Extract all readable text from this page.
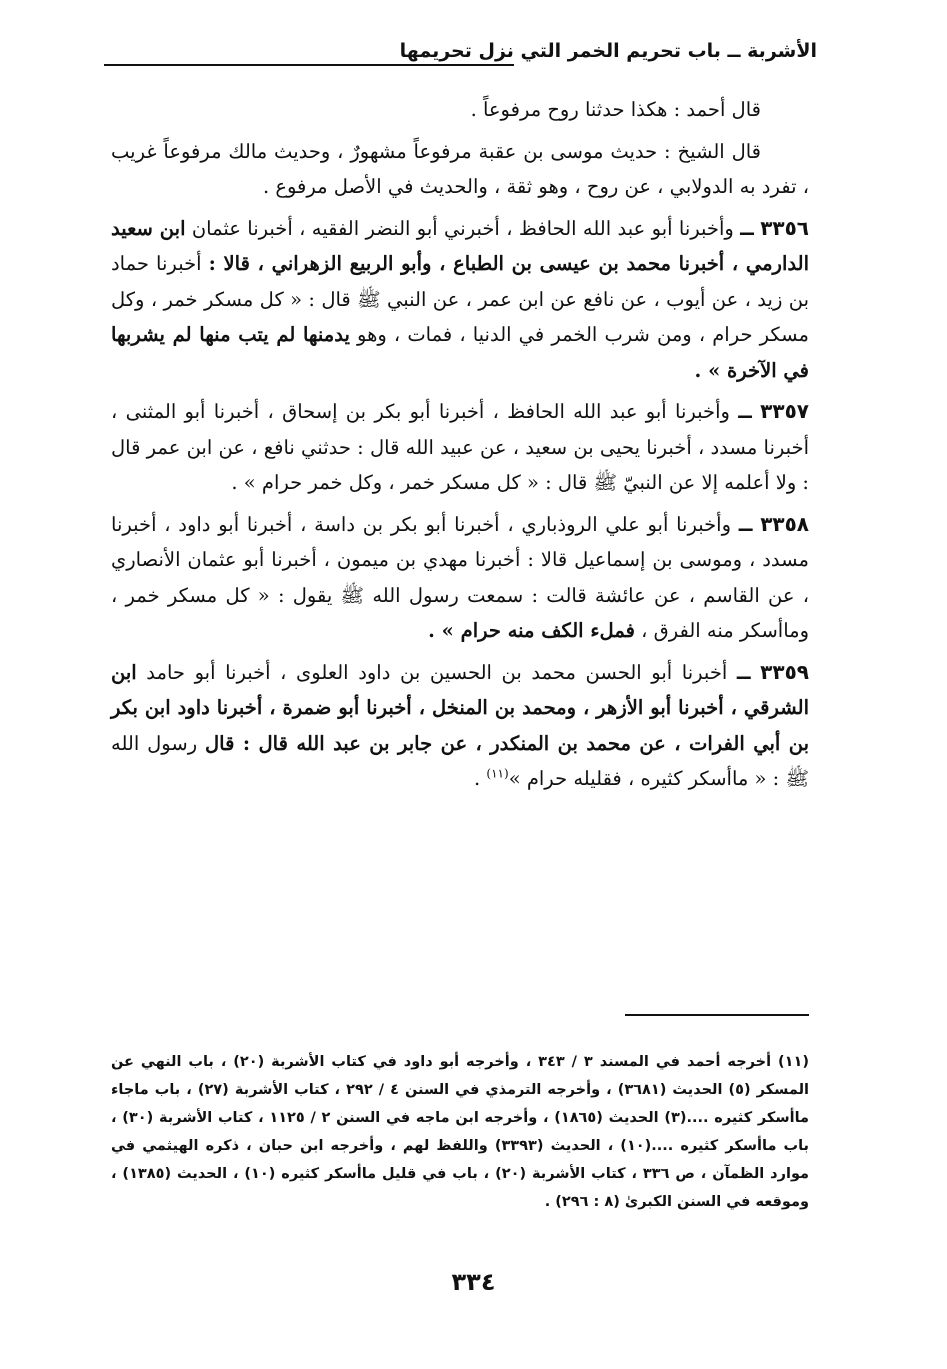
الأشربة ــ باب تحريم الخمر التي نزل تحريمها

قال أحمد : هكذا حدثنا روح مرفوعاً .

قال الشيخ : حديث موسى بن عقبة مرفوعاً مشهورٌ ، وحديث مالك مرفوعاً غريب ، تفرد به الدولابي ، عن روح ، وهو ثقة ، والحديث في الأصل مرفوع .

٣٣٥٦ ــ وأخبرنا أبو عبد الله الحافظ ، أخبرني أبو النضر الفقيه ، أخبرنا عثمان ابن سعيد الدارمي ، أخبرنا محمد بن عيسى بن الطباع ، وأبو الربيع الزهراني ، قالا : أخبرنا حماد بن زيد ، عن أيوب ، عن نافع عن ابن عمر ، عن النبي ﷺ قال : « كل مسكر خمر ، وكل مسكر حرام ، ومن شرب الخمر في الدنيا ، فمات ، وهو يدمنها لم يتب منها لم يشربها في الآخرة » .

٣٣٥٧ ــ وأخبرنا أبو عبد الله الحافظ ، أخبرنا أبو بكر بن إسحاق ، أخبرنا أبو المثنى ، أخبرنا مسدد ، أخبرنا يحيى بن سعيد ، عن عبيد الله قال : حدثني نافع ، عن ابن عمر قال : ولا أعلمه إلا عن النبيّ ﷺ قال : « كل مسكر خمر ، وكل خمر حرام » .

٣٣٥٨ ــ وأخبرنا أبو علي الروذباري ، أخبرنا أبو بكر بن داسة ، أخبرنا أبو داود ، أخبرنا مسدد ، وموسى بن إسماعيل قالا : أخبرنا مهدي بن ميمون ، أخبرنا أبو عثمان الأنصاري ، عن القاسم ، عن عائشة قالت : سمعت رسول الله ﷺ يقول : « كل مسكر خمر ، وماأسكر منه الفرق ، فملء الكف منه حرام » .

٣٣٥٩ ــ أخبرنا أبو الحسن محمد بن الحسين بن داود العلوى ، أخبرنا أبو حامد ابن الشرقي ، أخبرنا أبو الأزهر ، ومحمد بن المنخل ، أخبرنا أبو ضمرة ، أخبرنا داود ابن بكر بن أبي الفرات ، عن محمد بن المنكدر ، عن جابر بن عبد الله قال : قال رسول الله ﷺ : « ماأسكر كثيره ، فقليله حرام »$^{(١١)}$ .

(١١) أخرجه أحمد في المسند ٣ / ٣٤٣ ، وأخرجه أبو داود في كتاب الأشربة (٢٠) ، باب النهي عن المسكر (٥) الحديث (٣٦٨١) ، وأخرجه الترمذي في السنن ٤ / ٢٩٢ ، كتاب الأشربة (٢٧) ، باب ماجاء ماأسكر كثيره ....(٣) الحديث (١٨٦٥) ، وأخرجه ابن ماجه في السنن ٢ / ١١٢٥ ، كتاب الأشربة (٣٠) ، باب ماأسكر كثيره ....(١٠) ، الحديث (٣٣٩٣) واللفظ لهم ، وأخرجه ابن حبان ، ذكره الهيثمي في موارد الظمآن ، ص ٣٣٦ ، كتاب الأشربة (٢٠) ، باب في قليل ماأسكر كثيره (١٠) ، الحديث (١٣٨٥) ، وموقعه في السنن الكبرىٰ (٨ : ٢٩٦) .
٣٣٤
